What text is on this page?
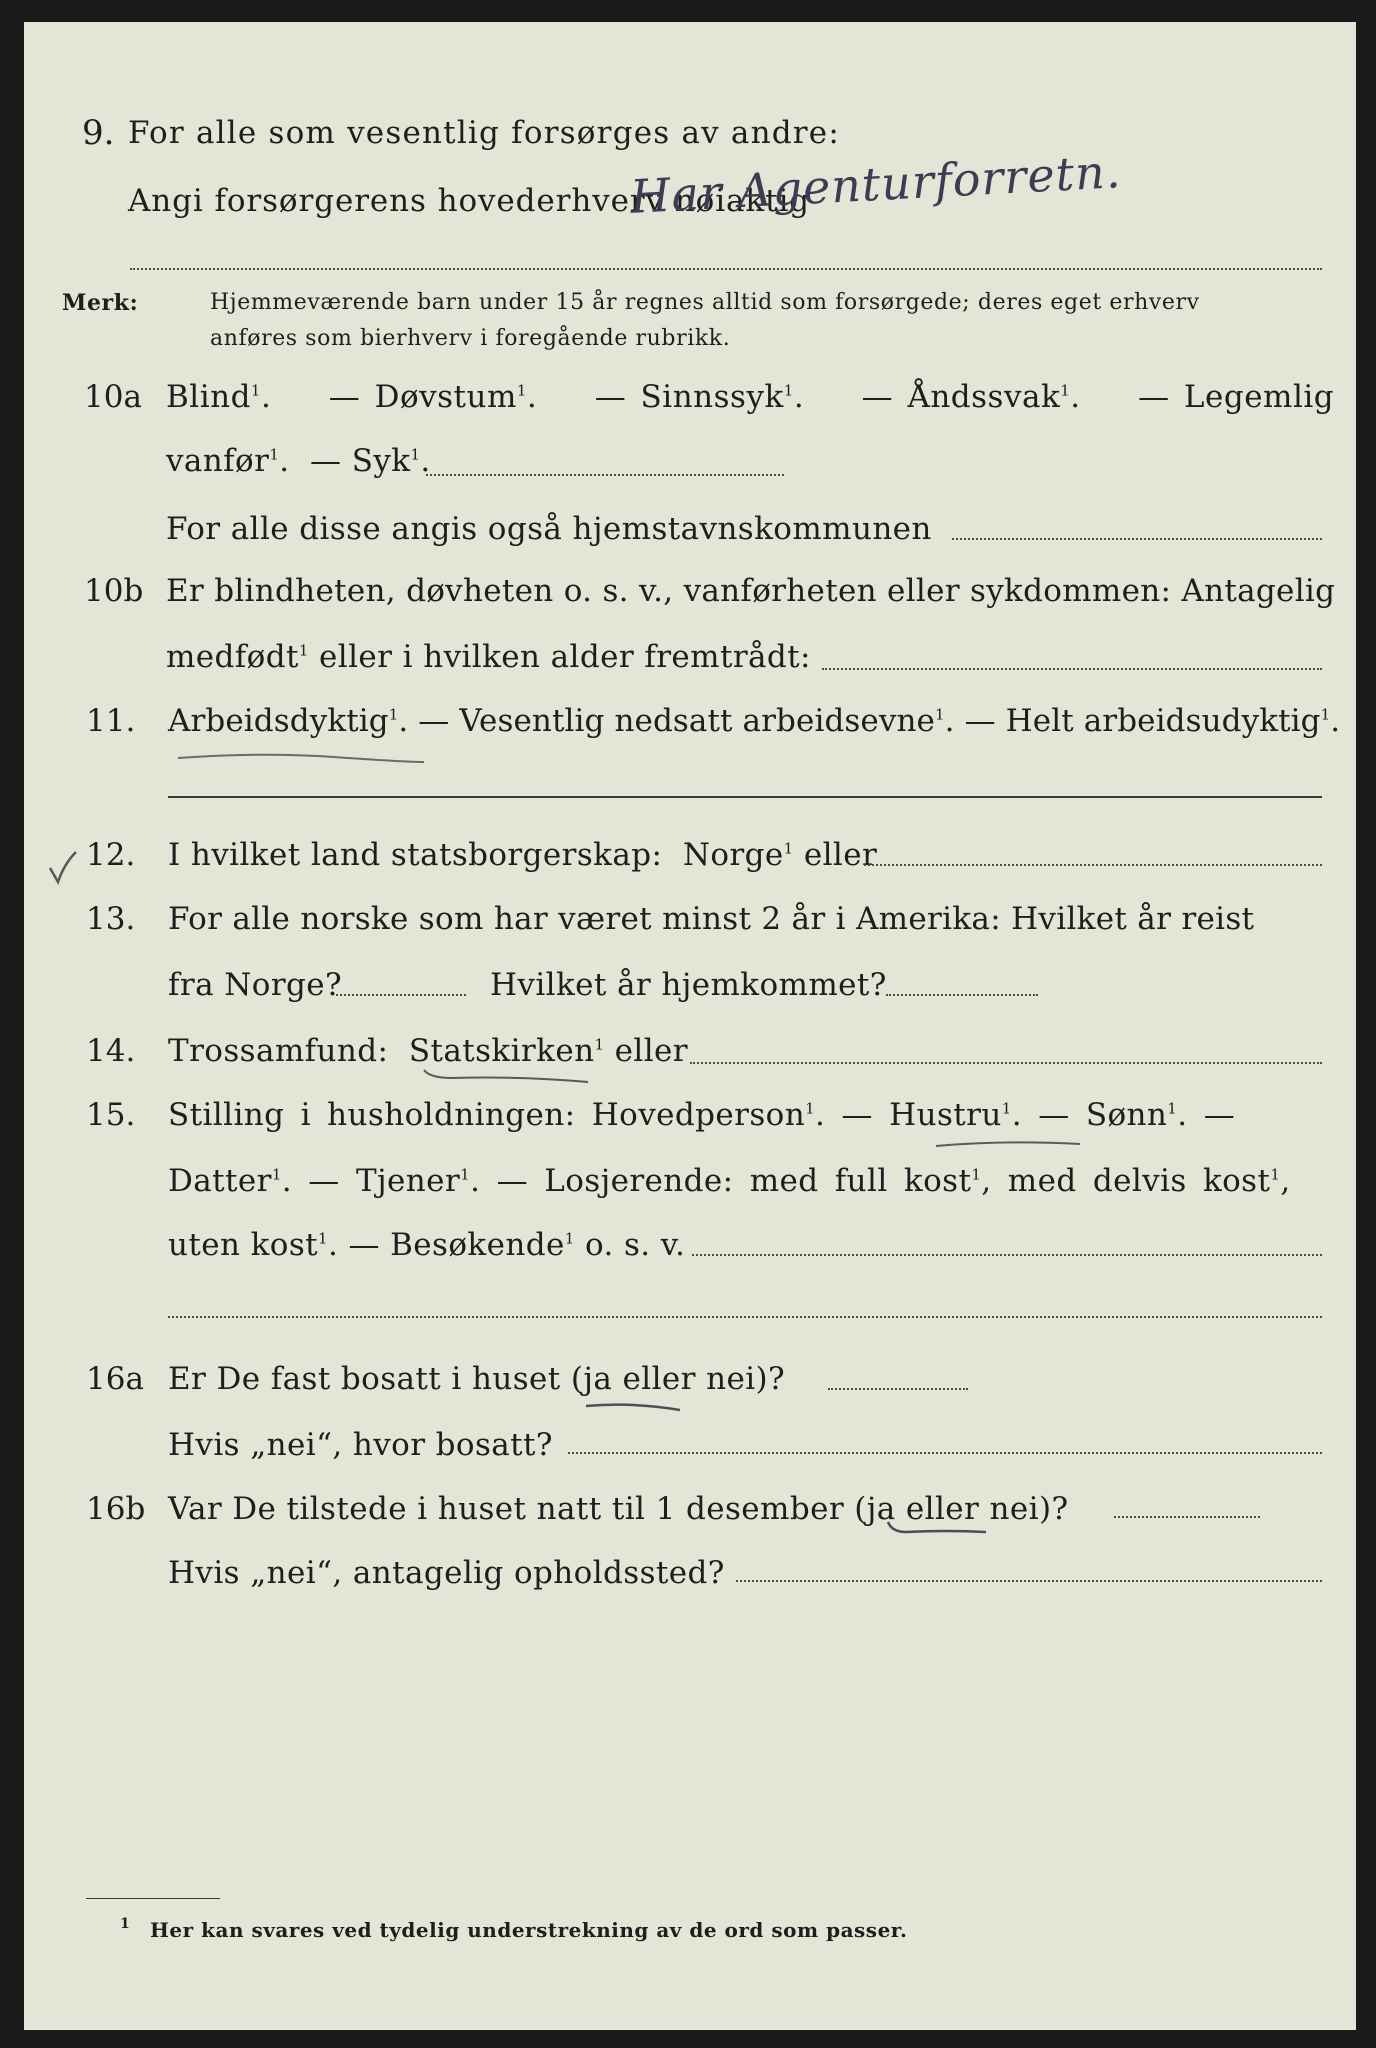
9. For alle som vesentlig forsørges av andre:
Angi forsørgerens hovederhverv nøiaktig
Har Agenturforretn.
Merk:	Hjemmeværende barn under 15 år regnes alltid som forsørgede; deres eget erhverv
anføres som bierhverv i foregående rubrikk.
10a Blind$^1$.    — Døvstum$^1$.    — Sinnssyk$^1$.    — Åndssvak$^1$.    — Legemlig
vanfør$^1$.  — Syk$^1$.
For alle disse angis også hjemstavnskommunen
10b Er blindheten, døvheten o. s. v., vanførheten eller sykdommen: Antagelig
medfødt$^1$ eller i hvilken alder fremtrådt:
11. Arbeidsdyktig$^1$. — Vesentlig nedsatt arbeidsevne$^1$. — Helt arbeidsudyktig$^1$.
12. I hvilket land statsborgerskap: Norge$^1$ eller
13. For alle norske som har været minst 2 år i Amerika: Hvilket år reist
fra Norge?	Hvilket år hjemkommet?
14. Trossamfund: Statskirken$^1$ eller
15. Stilling i husholdningen: Hovedperson$^1$. — Hustru$^1$. — Sønn$^1$. —
Datter$^1$. — Tjener$^1$. — Losjerende: med full kost$^1$, med delvis kost$^1$,
uten kost$^1$. — Besøkende$^1$ o. s. v.
16a Er De fast bosatt i huset (ja eller nei)?
Hvis „nei“, hvor bosatt?
16b Var De tilstede i huset natt til 1 desember (ja eller nei)?
Hvis „nei“, antagelig opholdssted?
1 Her kan svares ved tydelig understrekning av de ord som passer.
